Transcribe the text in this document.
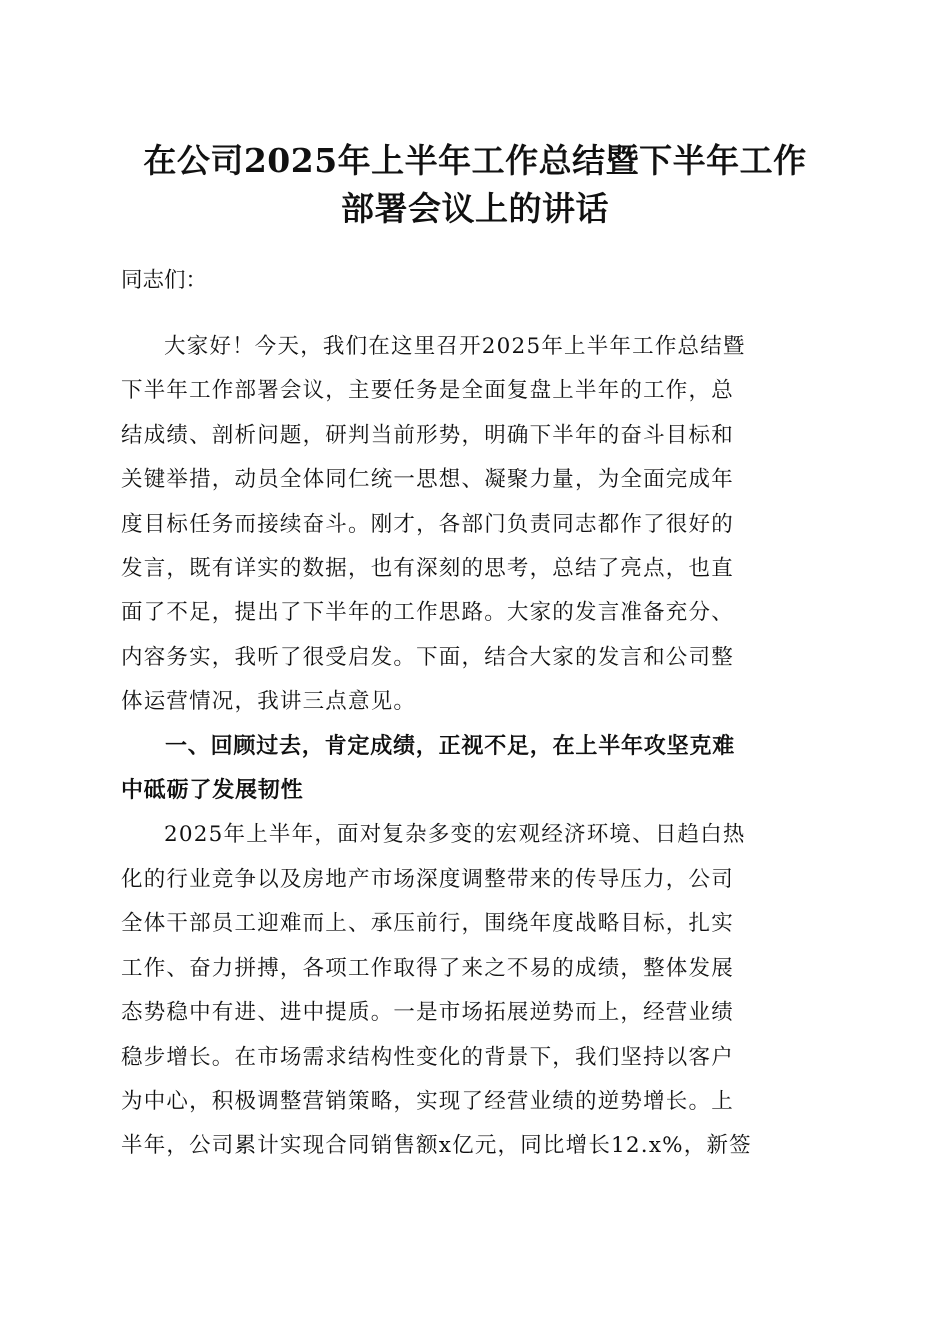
在公司2025年上半年工作总结暨下半年工作
部署会议上的讲话

同志们：

大家好！今天，我们在这里召开2025年上半年工作总结暨
下半年工作部署会议，主要任务是全面复盘上半年的工作，总
结成绩、剖析问题，研判当前形势，明确下半年的奋斗目标和
关键举措，动员全体同仁统一思想、凝聚力量，为全面完成年
度目标任务而接续奋斗。刚才，各部门负责同志都作了很好的
发言，既有详实的数据，也有深刻的思考，总结了亮点，也直
面了不足，提出了下半年的工作思路。大家的发言准备充分、
内容务实，我听了很受启发。下面，结合大家的发言和公司整
体运营情况，我讲三点意见。

一、回顾过去，肯定成绩，正视不足，在上半年攻坚克难
中砥砺了发展韧性

2025年上半年，面对复杂多变的宏观经济环境、日趋白热
化的行业竞争以及房地产市场深度调整带来的传导压力，公司
全体干部员工迎难而上、承压前行，围绕年度战略目标，扎实
工作、奋力拼搏，各项工作取得了来之不易的成绩，整体发展
态势稳中有进、进中提质。一是市场拓展逆势而上，经营业绩
稳步增长。在市场需求结构性变化的背景下，我们坚持以客户
为中心，积极调整营销策略，实现了经营业绩的逆势增长。上
半年，公司累计实现合同销售额x亿元，同比增长12.x%，新签
